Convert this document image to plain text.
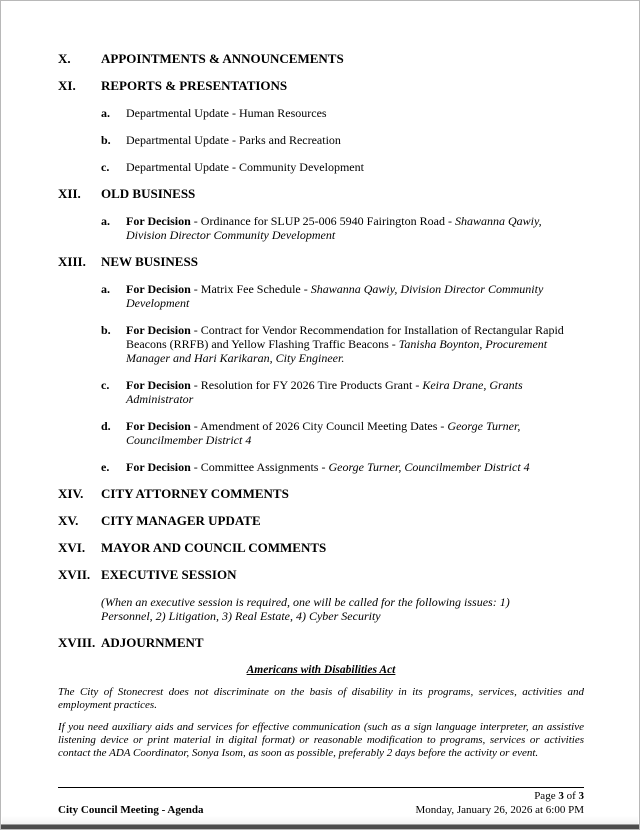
X.	APPOINTMENTS & ANNOUNCEMENTS
XI.	REPORTS & PRESENTATIONS
a.	Departmental Update - Human Resources
b.	Departmental Update - Parks and Recreation
c.	Departmental Update - Community Development
XII.	OLD BUSINESS
a.	For Decision - Ordinance for SLUP 25-006 5940 Fairington Road - Shawanna Qawiy, Division Director Community Development
XIII.	NEW BUSINESS
a.	For Decision - Matrix Fee Schedule - Shawanna Qawiy, Division Director Community Development
b.	For Decision - Contract for Vendor Recommendation for Installation of Rectangular Rapid Beacons (RRFB) and Yellow Flashing Traffic Beacons - Tanisha Boynton, Procurement Manager and Hari Karikaran, City Engineer.
c.	For Decision - Resolution for FY 2026 Tire Products Grant - Keira Drane, Grants Administrator
d.	For Decision - Amendment of 2026 City Council Meeting Dates - George Turner, Councilmember District 4
e.	For Decision - Committee Assignments - George Turner, Councilmember District 4
XIV.	CITY ATTORNEY COMMENTS
XV.	CITY MANAGER UPDATE
XVI.	MAYOR AND COUNCIL COMMENTS
XVII. EXECUTIVE SESSION
(When an executive session is required, one will be called for the following issues: 1) Personnel, 2) Litigation, 3) Real Estate, 4) Cyber Security
XVIII. ADJOURNMENT
Americans with Disabilities Act

The City of Stonecrest does not discriminate on the basis of disability in its programs, services, activities and employment practices.

If you need auxiliary aids and services for effective communication (such as a sign language interpreter, an assistive listening device or print material in digital format) or reasonable modification to programs, services or activities contact the ADA Coordinator, Sonya Isom, as soon as possible, preferably 2 days before the activity or event.

Page 3 of 3
City Council Meeting - Agenda	Monday, January 26, 2026 at 6:00 PM
